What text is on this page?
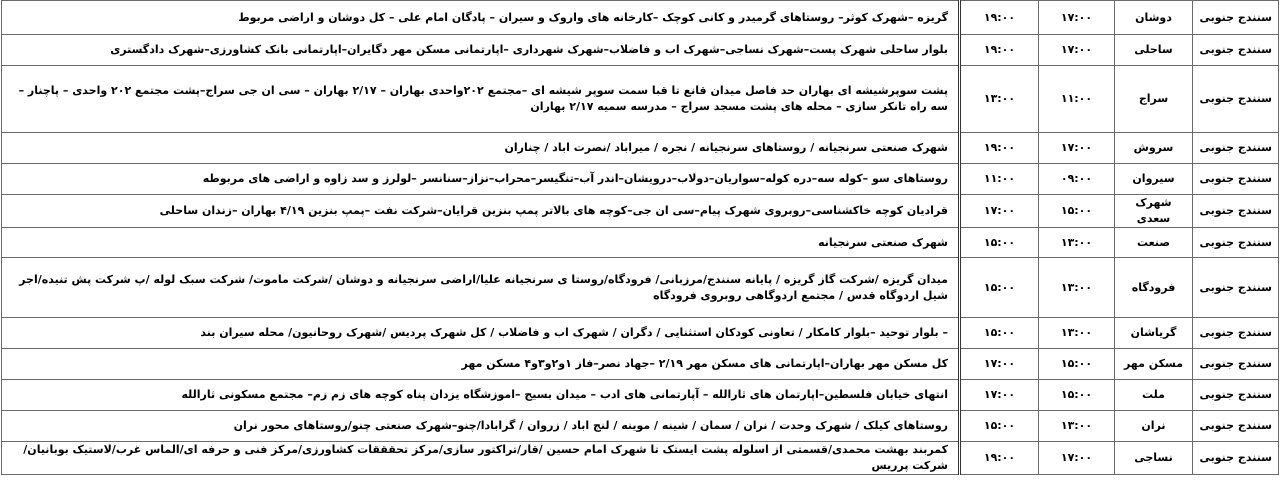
سنندج جنوبی	دوشان	۱۷:۰۰	۱۹:۰۰	گریزه –شهرک کوثر– روستاهای گرمیدر و کانی کوچک –کارخانه های واروک و سیران – پادگان امام علی – کل دوشان و اراضی مربوط
سنندج جنوبی	ساحلی	۱۷:۰۰	۱۹:۰۰	بلوار ساحلی شهرک پست–شهرک نساجی–شهرک اب و فاضلاب–شهرک شهرداری –اپارتمانی مسکن مهر دگایران–اپارتمانی بانک کشاورزی–شهرک دادگستری
سنندج جنوبی	سراج	۱۱:۰۰	۱۳:۰۰	پشت سوپرشیشه ای بهاران حد فاصل میدان قانع تا قبا سمت سوپر شیشه ای –مجتمع ۲۰۲واحدی بهاران – ۲/۱۷ بهاران – سی ان جی سراج–پشت مجتمع ۲۰۲ واحدی – پاچنار – سه راه تانکر سازی – محله های پشت مسجد سراج – مدرسه سمیه ۲/۱۷ بهاران
سنندج جنوبی	سروش	۱۷:۰۰	۱۹:۰۰	شهرک صنعتی سرنجیانه / روستاهای سرنجیانه / نجره / میراباد /نصرت اباد / چناران
سنندج جنوبی	سیروان	۰۹:۰۰	۱۱:۰۰	روستاهای سو –کوله سه–دره کوله–سواریان–دولاب–درویشان–اندر آب–تنگیسر–محراب–نزاز–سنانسر –لولرز و سد زاوه و اراضی های مربوطه
سنندج جنوبی	شهرک سعدی	۱۵:۰۰	۱۷:۰۰	قرادیان کوچه خاکشناسی–روبروی شهرک پیام–سی ان جی–کوچه های بالاتر پمپ بنزین قرایان–شرکت نفت –پمپ بنزین ۴/۱۹ بهاران –زندان ساحلی
سنندج جنوبی	صنعت	۱۳:۰۰	۱۵:۰۰	شهرک صنعتی سرنجیانه
سنندج جنوبی	فرودگاه	۱۳:۰۰	۱۵:۰۰	میدان گریزه /شرکت گاز گریزه / پایانه سنندج/مرزبانی/ فرودگاه/روستا ی سرنجیانه علیا/اراضی سرنجیانه و دوشان /شرکت ماموت/ شرکت سبک لوله /پ شرکت پش تنیده/اجر شیل اردوگاه قدس / مجتمع اردوگاهی روبروی فرودگاه
سنندج جنوبی	گریاشان	۱۳:۰۰	۱۵:۰۰	– بلوار توحید –بلوار کامکار / تعاونی کودکان استثنایی / دگران / شهرک اب و فاضلاب / کل شهرک پردیس /شهرک روحانیون/ محله سیران بند
سنندج جنوبی	مسکن مهر	۱۵:۰۰	۱۷:۰۰	کل مسکن مهر بهاران–اپارتمانی های مسکن مهر ۲/۱۹ –جهاد نصر–فاز ۱و۲و۳و۴ مسکن مهر
سنندج جنوبی	ملت	۱۵:۰۰	۱۷:۰۰	انتهای خیابان فلسطین–اپارتمان های ثارالله – آپارتمانی های ادب – میدان بسیج –اموزشگاه یزدان پناه کوچه های زم زم– مجتمع مسکونی ثارالله
سنندج جنوبی	نران	۱۳:۰۰	۱۵:۰۰	روستاهای کیلک / شهرک وحدت / نران / سمان / شینه / موینه / لنج اباد / زروان / گرابادا/چنو–شهرک صنعتی چنو/روستاهای محور نران
سنندج جنوبی	نساجی	۱۷:۰۰	۱۹:۰۰	کمربند بهشت محمدی/قسمتی از اسلوله پشت ایستک تا شهرک امام حسین /قار/تراکتور سازی/مرکز تحقققات کشاورزی/مرکز فنی و حرفه ای/الماس غرب/لاستیک بوبانیان/شرکت پرریس
